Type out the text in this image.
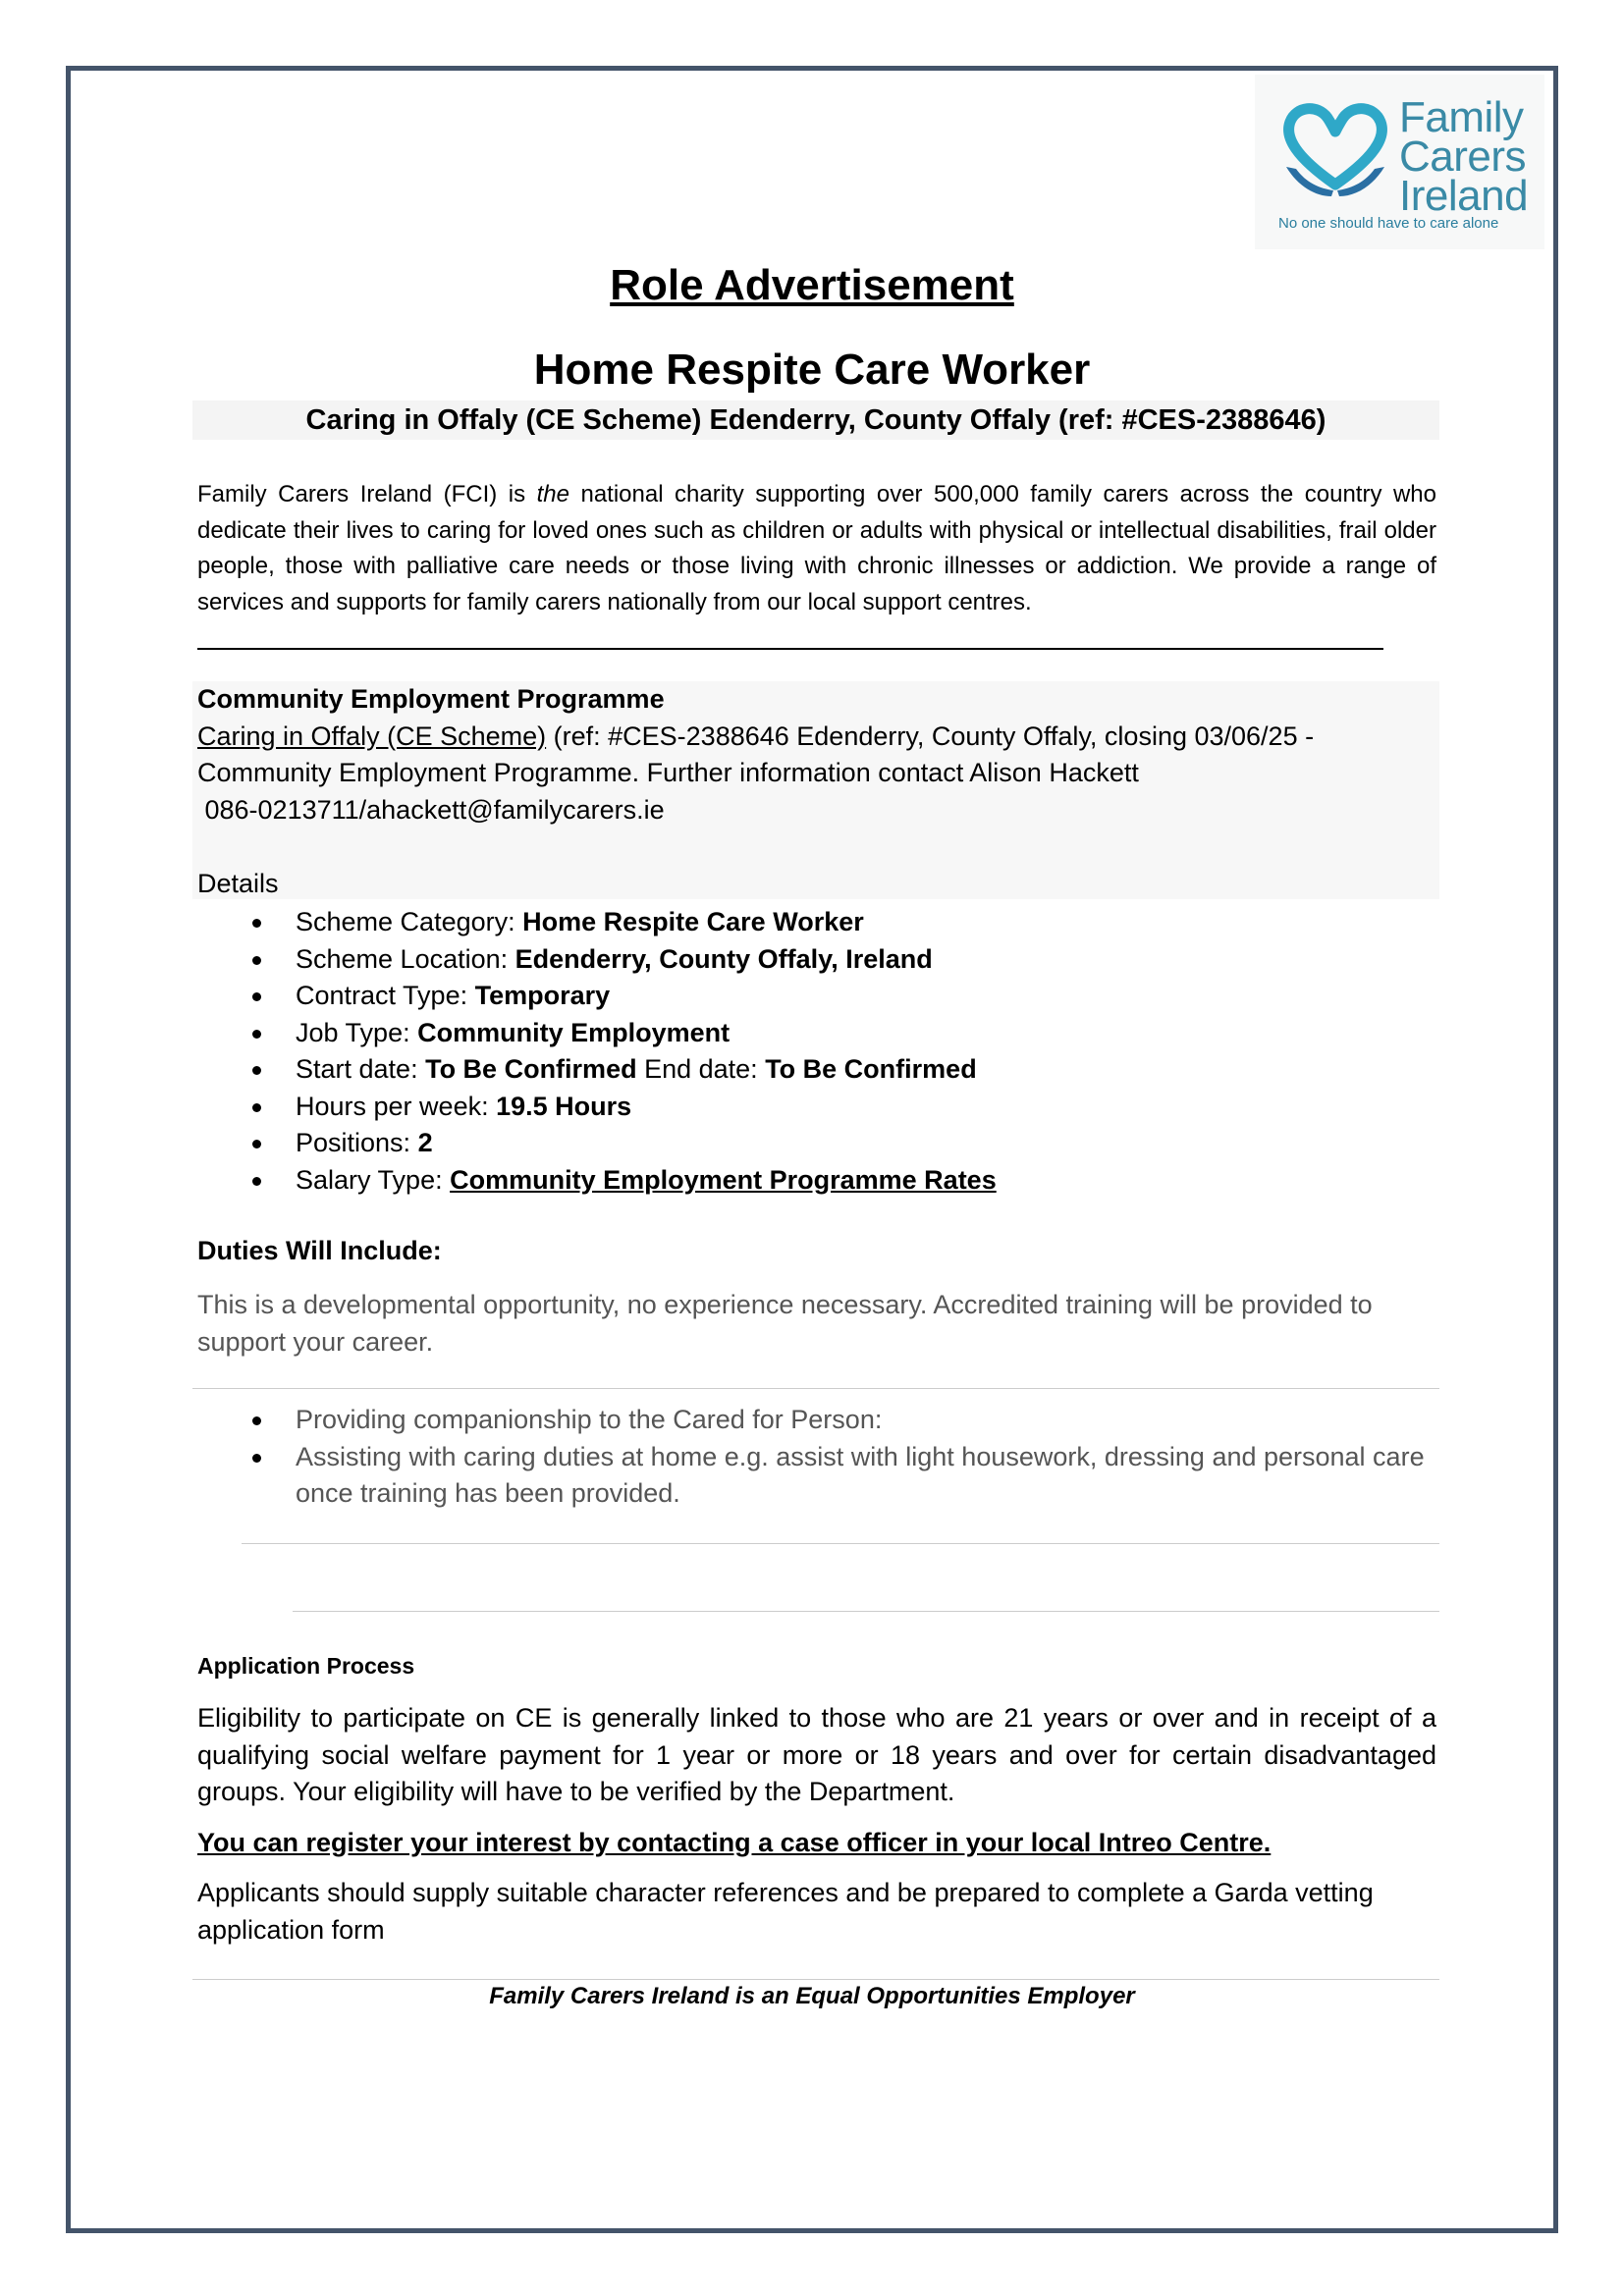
Family
Carers
Ireland
No one should have to care alone
Role Advertisement
Home Respite Care Worker
Caring in Offaly (CE Scheme) Edenderry, County Offaly (ref: #CES-2388646)
Family Carers Ireland (FCI) is the national charity supporting over 500,000 family carers across the country who dedicate their lives to caring for loved ones such as children or adults with physical or intellectual disabilities, frail older people, those with palliative care needs or those living with chronic illnesses or addiction. We provide a range of services and supports for family carers nationally from our local support centres.
Community Employment Programme
Caring in Offaly (CE Scheme) (ref: #CES-2388646 Edenderry, County Offaly, closing 03/06/25 - Community Employment Programme. Further information contact Alison Hackett
086-0213711/ahackett@familycarers.ie
Details
Scheme Category: Home Respite Care Worker
Scheme Location: Edenderry, County Offaly, Ireland
Contract Type: Temporary
Job Type: Community Employment
Start date: To Be Confirmed End date: To Be Confirmed
Hours per week: 19.5 Hours
Positions: 2
Salary Type: Community Employment Programme Rates
Duties Will Include:
This is a developmental opportunity, no experience necessary. Accredited training will be provided to support your career.
Providing companionship to the Cared for Person:
Assisting with caring duties at home e.g. assist with light housework, dressing and personal care once training has been provided.
Application Process
Eligibility to participate on CE is generally linked to those who are 21 years or over and in receipt of a qualifying social welfare payment for 1 year or more or 18 years and over for certain disadvantaged groups. Your eligibility will have to be verified by the Department.
You can register your interest by contacting a case officer in your local Intreo Centre.
Applicants should supply suitable character references and be prepared to complete a Garda vetting application form
Family Carers Ireland is an Equal Opportunities Employer
